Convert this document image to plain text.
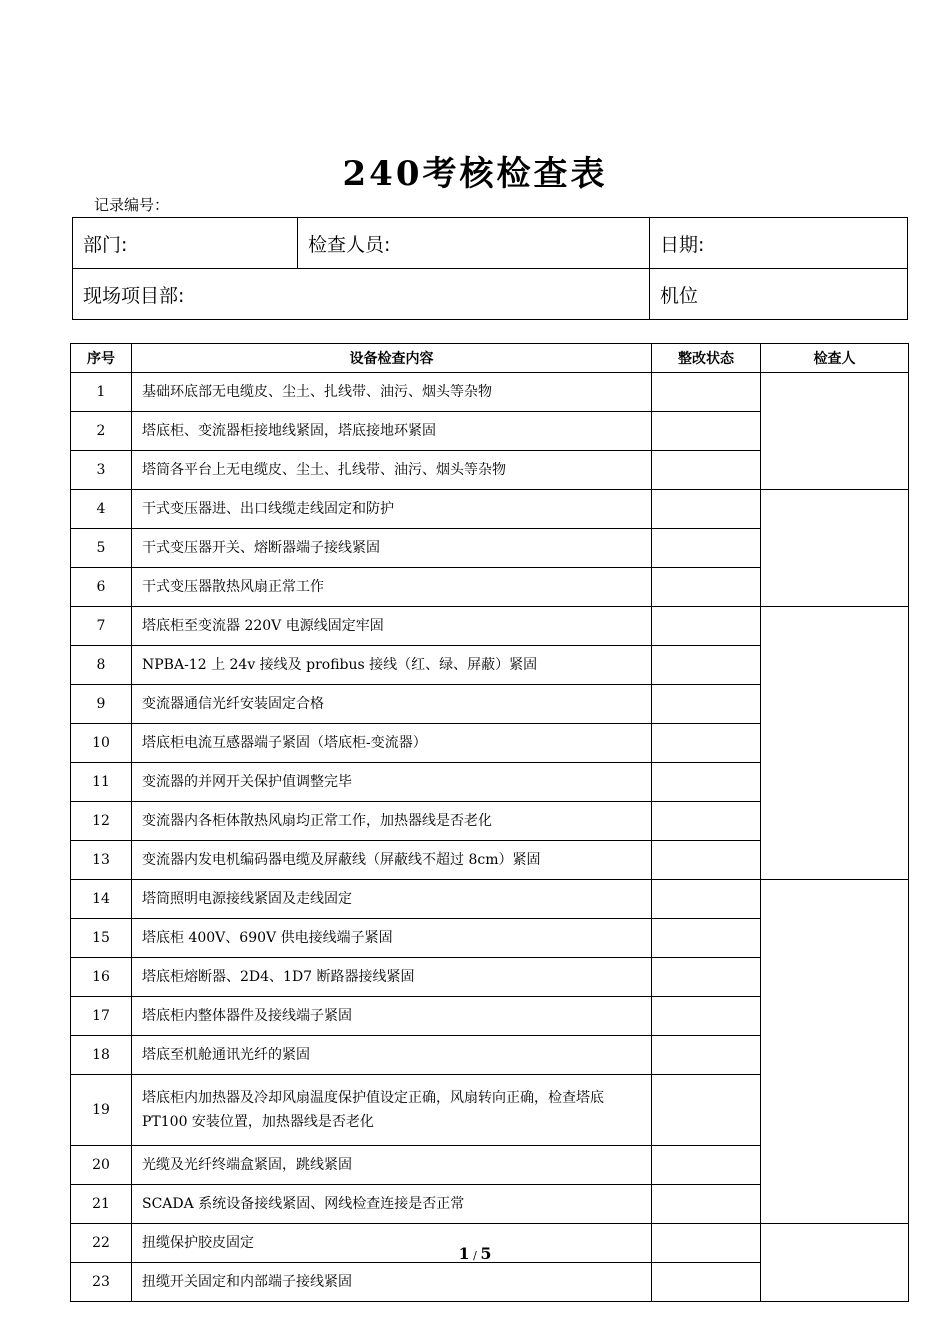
240考核检查表
记录编号：
部门:	检查人员:	日期:
现场项目部:		机位
序号	设备检查内容	整改状态	检查人
1	基础环底部无电缆皮、尘土、扎线带、油污、烟头等杂物		
2	塔底柜、变流器柜接地线紧固，塔底接地环紧固		
3	塔筒各平台上无电缆皮、尘土、扎线带、油污、烟头等杂物		
4	干式变压器进、出口线缆走线固定和防护		
5	干式变压器开关、熔断器端子接线紧固		
6	干式变压器散热风扇正常工作		
7	塔底柜至变流器 220V 电源线固定牢固		
8	NPBA-12 上 24v 接线及 profibus 接线（红、绿、屏蔽）紧固		
9	变流器通信光纤安装固定合格		
10	塔底柜电流互感器端子紧固（塔底柜-变流器）		
11	变流器的并网开关保护值调整完毕		
12	变流器内各柜体散热风扇均正常工作，加热器线是否老化		
13	变流器内发电机编码器电缆及屏蔽线（屏蔽线不超过 8cm）紧固		
14	塔筒照明电源接线紧固及走线固定		
15	塔底柜 400V、690V 供电接线端子紧固		
16	塔底柜熔断器、2D4、1D7 断路器接线紧固		
17	塔底柜内整体器件及接线端子紧固		
18	塔底至机舱通讯光纤的紧固		
19	塔底柜内加热器及冷却风扇温度保护值设定正确，风扇转向正确，检查塔底 PT100 安装位置，加热器线是否老化		
20	光缆及光纤终端盒紧固，跳线紧固		
21	SCADA 系统设备接线紧固、网线检查连接是否正常		
22	扭缆保护胶皮固定		
23	扭缆开关固定和内部端子接线紧固		
1 / 5
